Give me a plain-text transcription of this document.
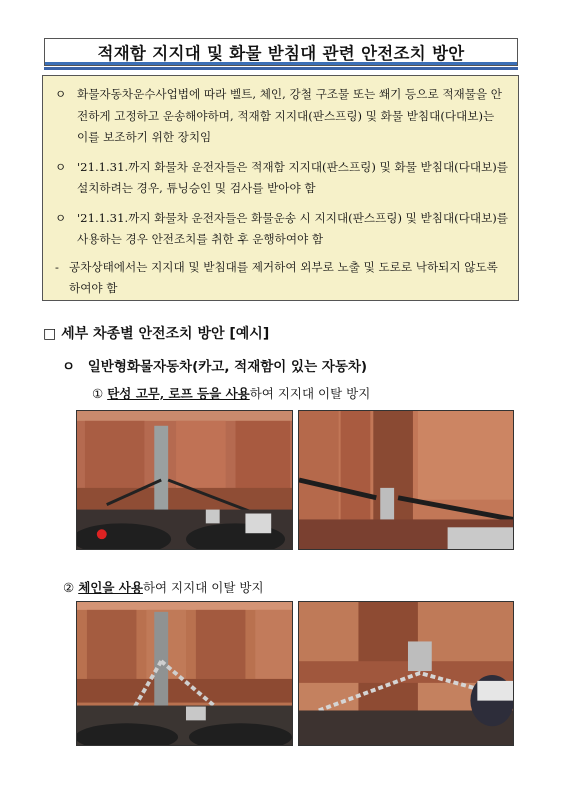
적재함 지지대 및 화물 받침대 관련 안전조치 방안
ㅇ 화물자동차운수사업법에 따라 벨트, 체인, 강철 구조물 또는 쐐기 등으로 적재물을 안전하게 고정하고 운송해야하며, 적재함 지지대(판스프링) 및 화물 받침대(다대보)는 이를 보조하기 위한 장치임
ㅇ '21.1.31.까지 화물차 운전자들은 적재함 지지대(판스프링) 및 화물 받침대(다대보)를 설치하려는 경우, 튜닝승인 및 검사를 받아야 함
ㅇ '21.1.31.까지 화물차 운전자들은 화물운송 시 지지대(판스프링) 및 받침대(다대보)를 사용하는 경우 안전조치를 취한 후 운행하여야 함
- 공차상태에서는 지지대 및 받침대를 제거하여 외부로 노출 및 도로로 낙하되지 않도록 하여야 함
□ 세부 차종별 안전조치 방안 [예시]
ㅇ 일반형화물자동차(카고, 적재함이 있는 자동차)
① 탄성 고무, 로프 등을 사용하여 지지대 이탈 방지
② 체인을 사용하여 지지대 이탈 방지
